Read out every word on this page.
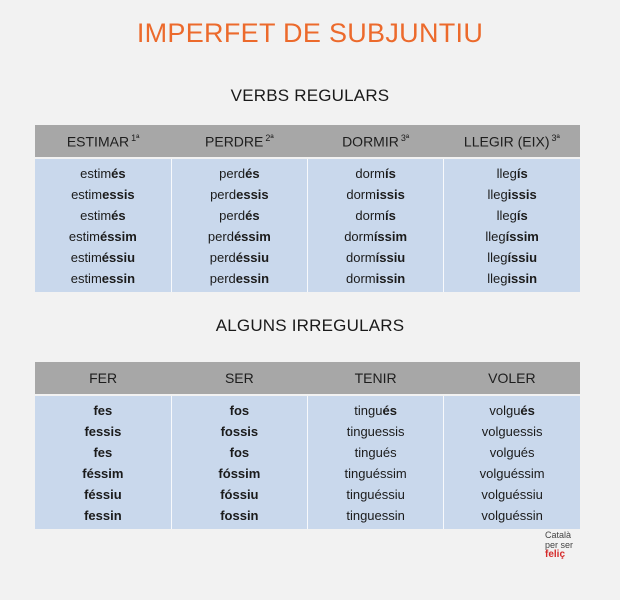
IMPERFET DE SUBJUNTIU
VERBS REGULARS
ESTIMAR $^{1ª}$	PERDRE $^{2ª}$	DORMIR $^{3ª}$	LLEGIR (EIX) $^{3ª}$
estimés	perdés	dormís	llegís
estimessis	perdessis	dormissis	llegissis
estimés	perdés	dormís	llegís
estiméssim	perdéssim	dormíssim	llegíssim
estiméssiu	perdéssiu	dormíssiu	llegíssiu
estimessin	perdessin	dormissin	llegissin
ALGUNS IRREGULARS
FER	SER	TENIR	VOLER
fes	fos	tingués	volgués
fessis	fossis	tinguessis	volguessis
fes	fos	tingués	volgués
féssim	fóssim	tinguéssim	volguéssim
féssiu	fóssiu	tinguéssiu	volguéssiu
fessin	fossin	tinguessin	volguéssin
Català
per ser
feliç
